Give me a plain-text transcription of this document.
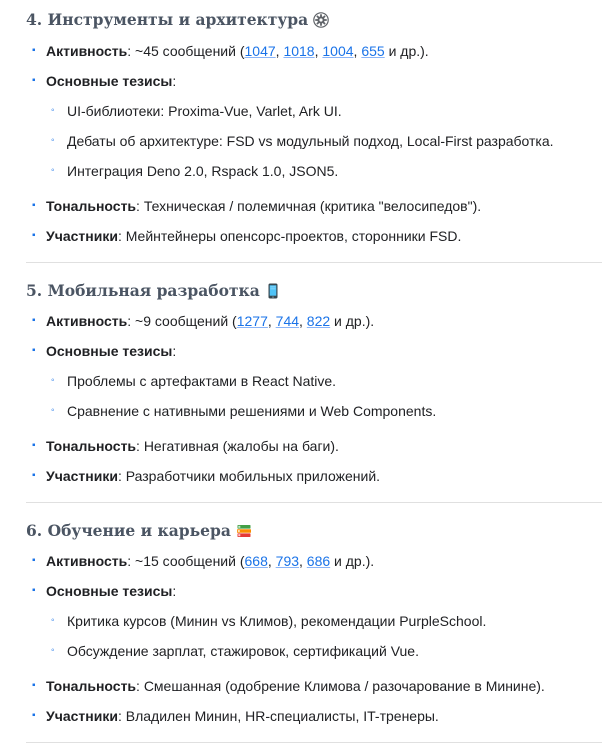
4. Инструменты и архитектура
▪ Активность: ~45 сообщений (1047, 1018, 1004, 655 и др.).
▪ Основные тезисы:
◦ UI-библиотеки: Proxima-Vue, Varlet, Ark UI.
◦ Дебаты об архитектуре: FSD vs модульный подход, Local-First разработка.
◦ Интеграция Deno 2.0, Rspack 1.0, JSON5.
▪ Тональность: Техническая / полемичная (критика "велосипедов").
▪ Участники: Мейнтейнеры опенсорс-проектов, сторонники FSD.
5. Мобильная разработка
▪ Активность: ~9 сообщений (1277, 744, 822 и др.).
▪ Основные тезисы:
◦ Проблемы с артефактами в React Native.
◦ Сравнение с нативными решениями и Web Components.
▪ Тональность: Негативная (жалобы на баги).
▪ Участники: Разработчики мобильных приложений.
6. Обучение и карьера
▪ Активность: ~15 сообщений (668, 793, 686 и др.).
▪ Основные тезисы:
◦ Критика курсов (Минин vs Климов), рекомендации PurpleSchool.
◦ Обсуждение зарплат, стажировок, сертификаций Vue.
▪ Тональность: Смешанная (одобрение Климова / разочарование в Минине).
▪ Участники: Владилен Минин, HR-специалисты, IT-тренеры.
